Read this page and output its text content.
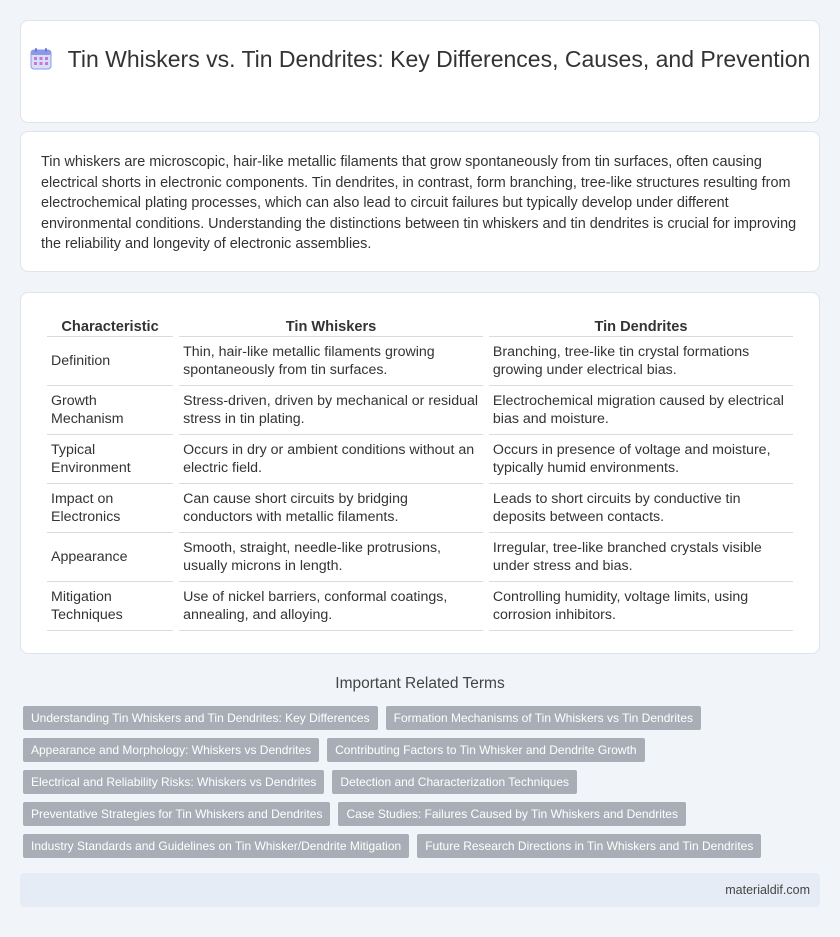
Tin Whiskers vs. Tin Dendrites: Key Differences, Causes, and Prevention

Tin whiskers are microscopic, hair-like metallic filaments that grow spontaneously from tin surfaces, often causing electrical shorts in electronic components. Tin dendrites, in contrast, form branching, tree-like structures resulting from electrochemical plating processes, which can also lead to circuit failures but typically develop under different environmental conditions. Understanding the distinctions between tin whiskers and tin dendrites is crucial for improving the reliability and longevity of electronic assemblies.

Characteristic	Tin Whiskers	Tin Dendrites
Definition	Thin, hair-like metallic filaments growing spontaneously from tin surfaces.	Branching, tree-like tin crystal formations growing under electrical bias.
Growth Mechanism	Stress-driven, driven by mechanical or residual stress in tin plating.	Electrochemical migration caused by electrical bias and moisture.
Typical Environment	Occurs in dry or ambient conditions without an electric field.	Occurs in presence of voltage and moisture, typically humid environments.
Impact on Electronics	Can cause short circuits by bridging conductors with metallic filaments.	Leads to short circuits by conductive tin deposits between contacts.
Appearance	Smooth, straight, needle-like protrusions, usually microns in length.	Irregular, tree-like branched crystals visible under stress and bias.
Mitigation Techniques	Use of nickel barriers, conformal coatings, annealing, and alloying.	Controlling humidity, voltage limits, using corrosion inhibitors.
Important Related Terms
Understanding Tin Whiskers and Tin Dendrites: Key Differences	Formation Mechanisms of Tin Whiskers vs Tin Dendrites
Appearance and Morphology: Whiskers vs Dendrites	Contributing Factors to Tin Whisker and Dendrite Growth
Electrical and Reliability Risks: Whiskers vs Dendrites	Detection and Characterization Techniques
Preventative Strategies for Tin Whiskers and Dendrites	Case Studies: Failures Caused by Tin Whiskers and Dendrites
Industry Standards and Guidelines on Tin Whisker/Dendrite Mitigation	Future Research Directions in Tin Whiskers and Tin Dendrites
materialdif.com
